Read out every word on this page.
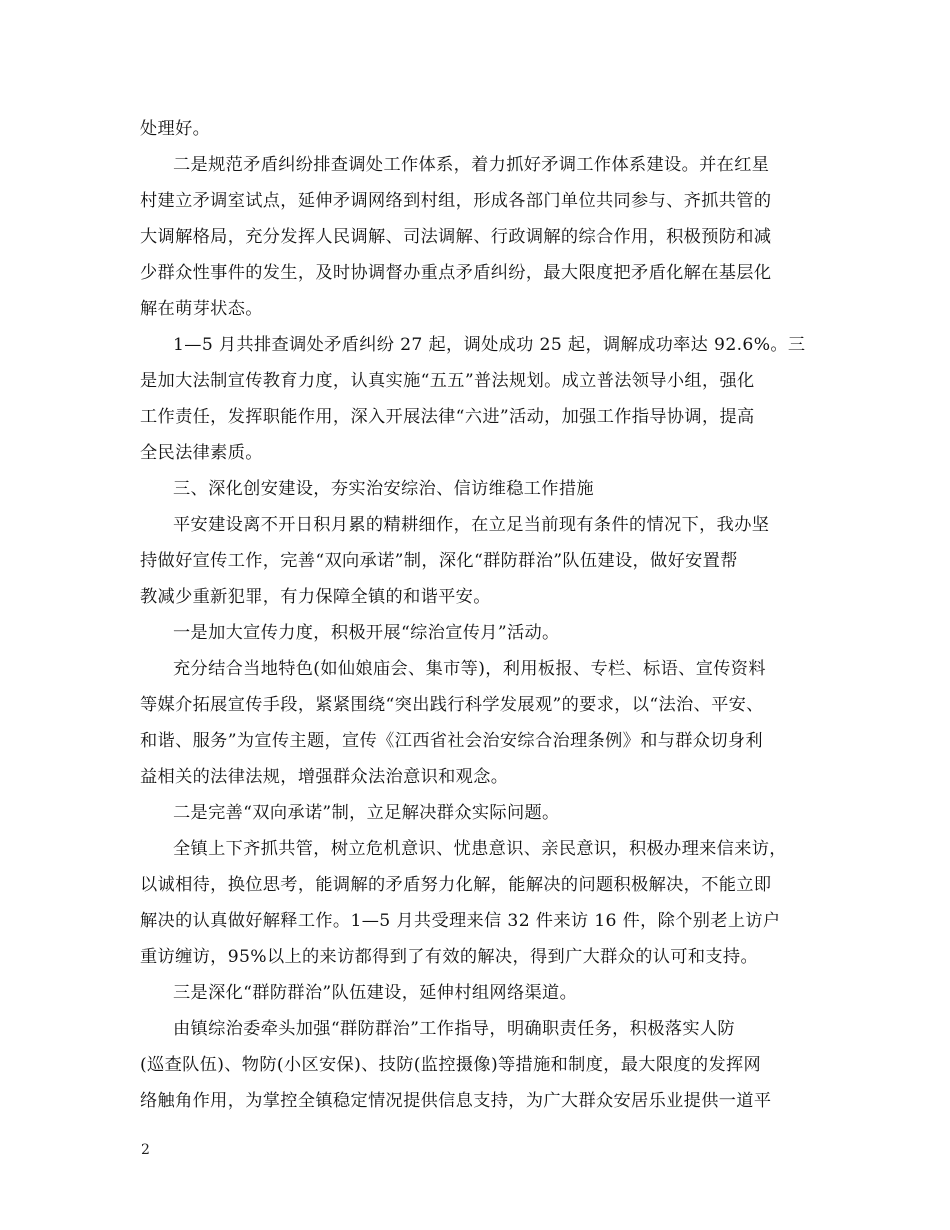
处理好。
二是规范矛盾纠纷排查调处工作体系，着力抓好矛调工作体系建设。并在红星
村建立矛调室试点，延伸矛调网络到村组，形成各部门单位共同参与、齐抓共管的
大调解格局，充分发挥人民调解、司法调解、行政调解的综合作用，积极预防和减
少群众性事件的发生，及时协调督办重点矛盾纠纷，最大限度把矛盾化解在基层化
解在萌芽状态。
1—5 月共排查调处矛盾纠纷 27 起，调处成功 25 起，调解成功率达 92.6%。三
是加大法制宣传教育力度，认真实施“五五”普法规划。成立普法领导小组，强化
工作责任，发挥职能作用，深入开展法律“六进”活动，加强工作指导协调，提高
全民法律素质。
三、深化创安建设，夯实治安综治、信访维稳工作措施
平安建设离不开日积月累的精耕细作，在立足当前现有条件的情况下，我办坚
持做好宣传工作，完善“双向承诺”制，深化“群防群治”队伍建设，做好安置帮
教减少重新犯罪，有力保障全镇的和谐平安。
一是加大宣传力度，积极开展“综治宣传月”活动。
充分结合当地特色(如仙娘庙会、集市等)，利用板报、专栏、标语、宣传资料
等媒介拓展宣传手段，紧紧围绕“突出践行科学发展观”的要求，以“法治、平安、
和谐、服务”为宣传主题，宣传《江西省社会治安综合治理条例》和与群众切身利
益相关的法律法规，增强群众法治意识和观念。
二是完善“双向承诺”制，立足解决群众实际问题。
全镇上下齐抓共管，树立危机意识、忧患意识、亲民意识，积极办理来信来访，
以诚相待，换位思考，能调解的矛盾努力化解，能解决的问题积极解决，不能立即
解决的认真做好解释工作。1—5 月共受理来信 32 件来访 16 件，除个别老上访户
重访缠访，95%以上的来访都得到了有效的解决，得到广大群众的认可和支持。
三是深化“群防群治”队伍建设，延伸村组网络渠道。
由镇综治委牵头加强“群防群治”工作指导，明确职责任务，积极落实人防
(巡查队伍)、物防(小区安保)、技防(监控摄像)等措施和制度，最大限度的发挥网
络触角作用，为掌控全镇稳定情况提供信息支持，为广大群众安居乐业提供一道平
2
